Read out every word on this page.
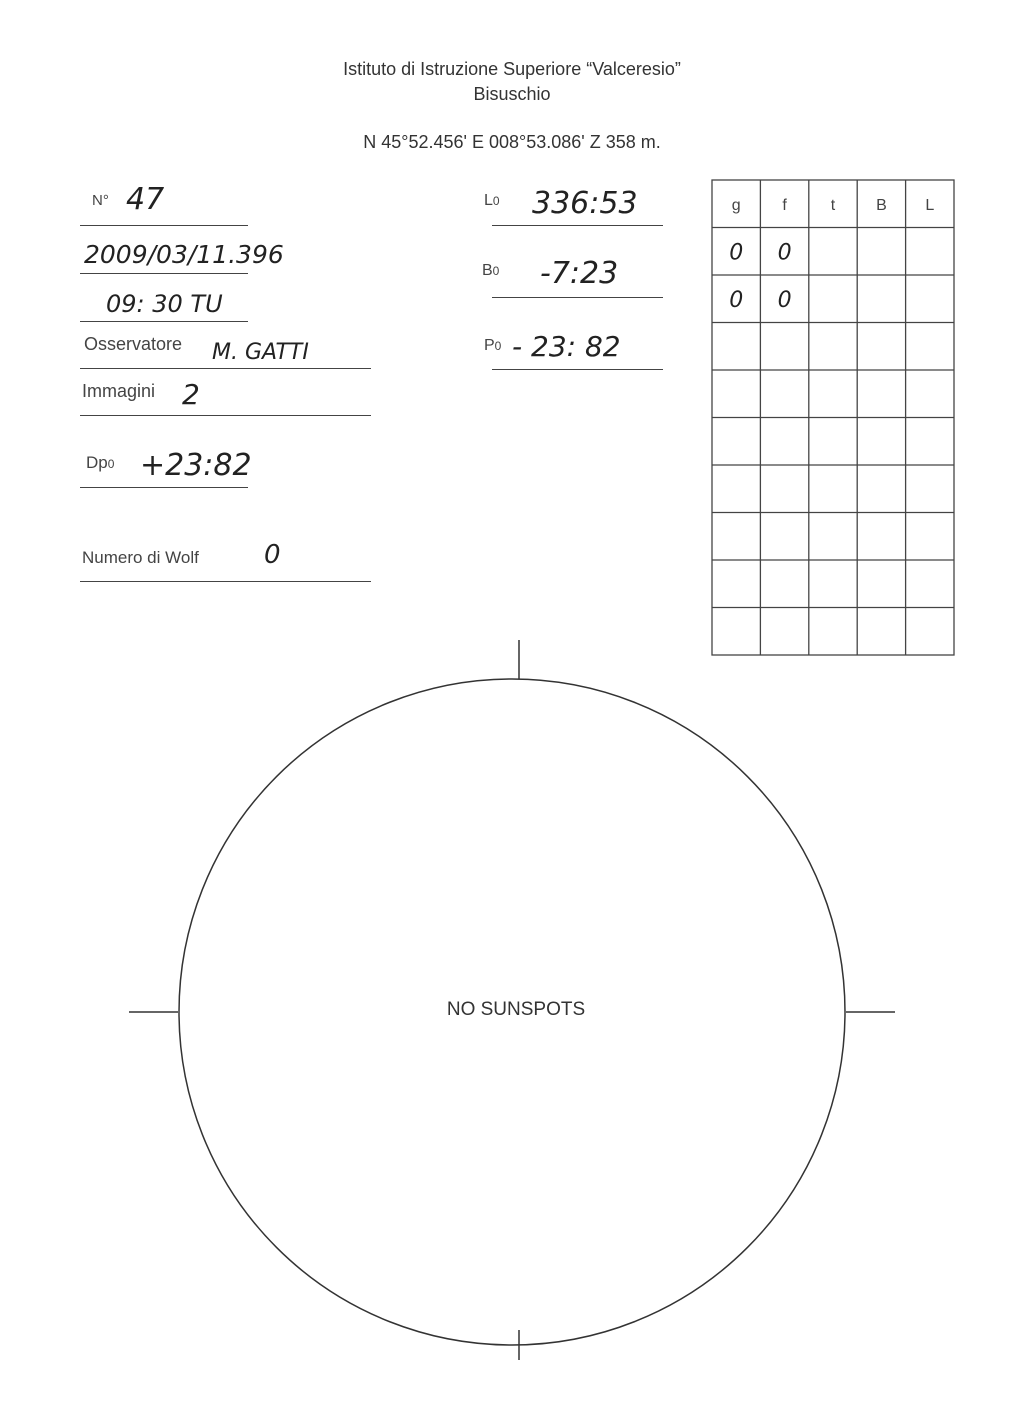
Istituto di Istruzione Superiore “Valceresio”
Bisuschio
N 45°52.456' E 008°53.086' Z 358 m.
N° 47
2009/03/11.396
09: 30 TU
Osservatore M. GATTI
Immagini 2
Dp0 +23:82
Numero di Wolf	0
L0 336:53
B0 -7:23
P0 - 23: 82
g	f	t	B L
0 0
0 0
NO SUNSPOTS
